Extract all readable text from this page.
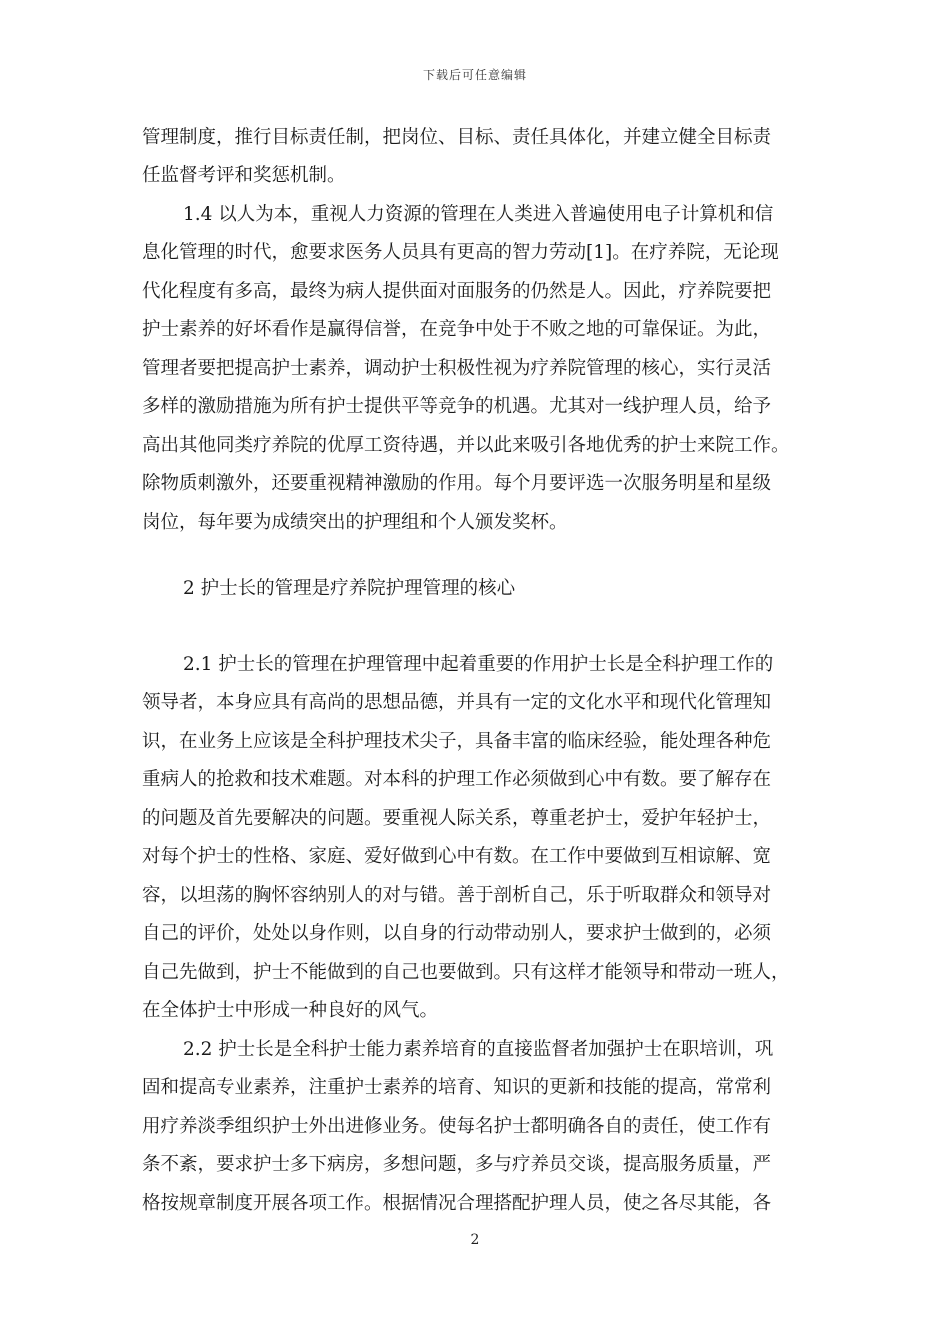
下载后可任意编辑
管理制度，推行目标责任制，把岗位、目标、责任具体化，并建立健全目标责
任监督考评和奖惩机制。
1.4 以人为本，重视人力资源的管理在人类进入普遍使用电子计算机和信
息化管理的时代，愈要求医务人员具有更高的智力劳动[1]。在疗养院，无论现
代化程度有多高，最终为病人提供面对面服务的仍然是人。因此，疗养院要把
护士素养的好坏看作是赢得信誉，在竞争中处于不败之地的可靠保证。为此，
管理者要把提高护士素养，调动护士积极性视为疗养院管理的核心，实行灵活
多样的激励措施为所有护士提供平等竞争的机遇。尤其对一线护理人员，给予
高出其他同类疗养院的优厚工资待遇，并以此来吸引各地优秀的护士来院工作。
除物质刺激外，还要重视精神激励的作用。每个月要评选一次服务明星和星级
岗位，每年要为成绩突出的护理组和个人颁发奖杯。
2 护士长的管理是疗养院护理管理的核心
2.1 护士长的管理在护理管理中起着重要的作用护士长是全科护理工作的
领导者，本身应具有高尚的思想品德，并具有一定的文化水平和现代化管理知
识，在业务上应该是全科护理技术尖子，具备丰富的临床经验，能处理各种危
重病人的抢救和技术难题。对本科的护理工作必须做到心中有数。要了解存在
的问题及首先要解决的问题。要重视人际关系，尊重老护士，爱护年轻护士，
对每个护士的性格、家庭、爱好做到心中有数。在工作中要做到互相谅解、宽
容，以坦荡的胸怀容纳别人的对与错。善于剖析自己，乐于听取群众和领导对
自己的评价，处处以身作则，以自身的行动带动别人，要求护士做到的，必须
自己先做到，护士不能做到的自己也要做到。只有这样才能领导和带动一班人，
在全体护士中形成一种良好的风气。
2.2 护士长是全科护士能力素养培育的直接监督者加强护士在职培训，巩
固和提高专业素养，注重护士素养的培育、知识的更新和技能的提高，常常利
用疗养淡季组织护士外出进修业务。使每名护士都明确各自的责任，使工作有
条不紊，要求护士多下病房，多想问题，多与疗养员交谈，提高服务质量，严
格按规章制度开展各项工作。根据情况合理搭配护理人员，使之各尽其能，各
2
